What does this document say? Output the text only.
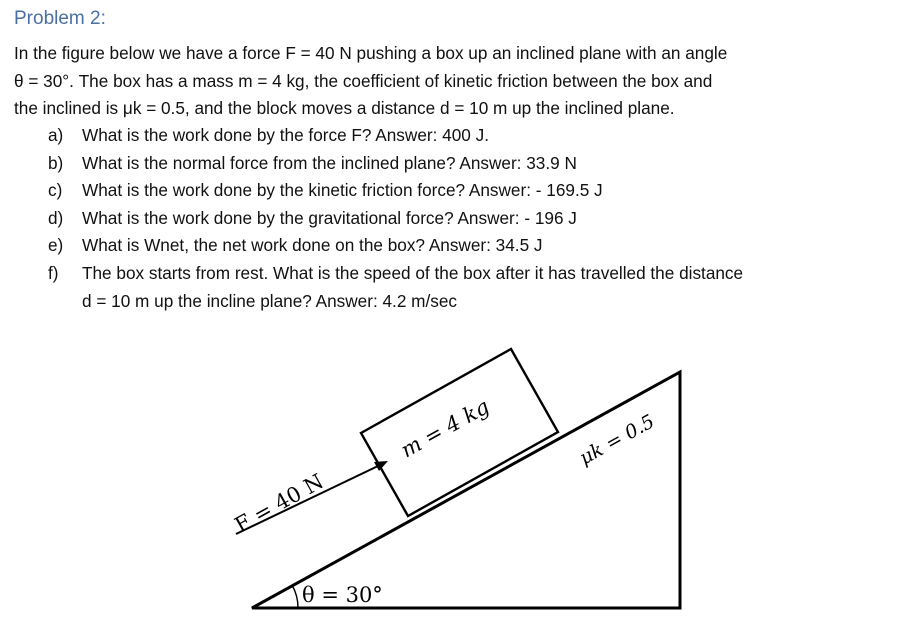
Problem 2:
In the figure below we have a force F = 40 N pushing a box up an inclined plane with an angle
θ = 30°. The box has a mass m = 4 kg, the coefficient of kinetic friction between the box and
the inclined is μk = 0.5, and the block moves a distance d = 10 m up the inclined plane.
a) What is the work done by the force F? Answer: 400 J.
b) What is the normal force from the inclined plane? Answer: 33.9 N
c) What is the work done by the kinetic friction force? Answer: - 169.5 J
d) What is the work done by the gravitational force? Answer: - 196 J
e) What is Wnet, the net work done on the box? Answer: 34.5 J
f) The box starts from rest. What is the speed of the box after it has travelled the distance
d = 10 m up the incline plane? Answer: 4.2 m/sec
F = 40 N
m = 4 kg	μk = 0.5
θ = 30°
